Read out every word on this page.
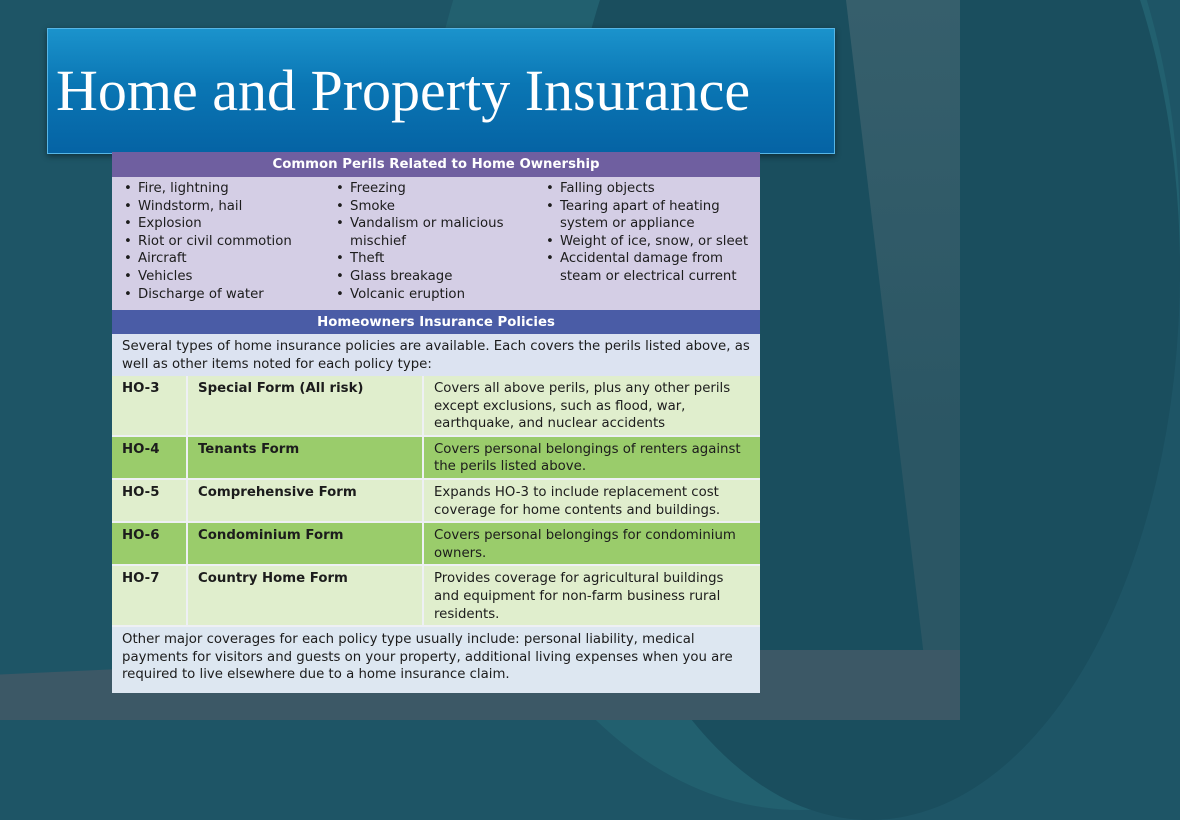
Home and Property Insurance
Common Perils Related to Home Ownership
• Fire, lightning
• Windstorm, hail
• Explosion
• Riot or civil commotion
• Aircraft
• Vehicles
• Discharge of water
• Freezing
• Smoke
• Vandalism or malicious mischief
• Theft
• Glass breakage
• Volcanic eruption
• Falling objects
• Tearing apart of heating system or appliance
• Weight of ice, snow, or sleet
• Accidental damage from steam or electrical current
Homeowners Insurance Policies
Several types of home insurance policies are available. Each covers the perils listed above, as well as other items noted for each policy type:
HO-3	Special Form (All risk)	Covers all above perils, plus any other perils except exclusions, such as flood, war, earthquake, and nuclear accidents
HO-4	Tenants Form	Covers personal belongings of renters against the perils listed above.
HO-5	Comprehensive Form	Expands HO-3 to include replacement cost coverage for home contents and buildings.
HO-6	Condominium Form	Covers personal belongings for condominium owners.
HO-7	Country Home Form	Provides coverage for agricultural buildings and equipment for non-farm business rural residents.
Other major coverages for each policy type usually include: personal liability, medical payments for visitors and guests on your property, additional living expenses when you are required to live elsewhere due to a home insurance claim.
